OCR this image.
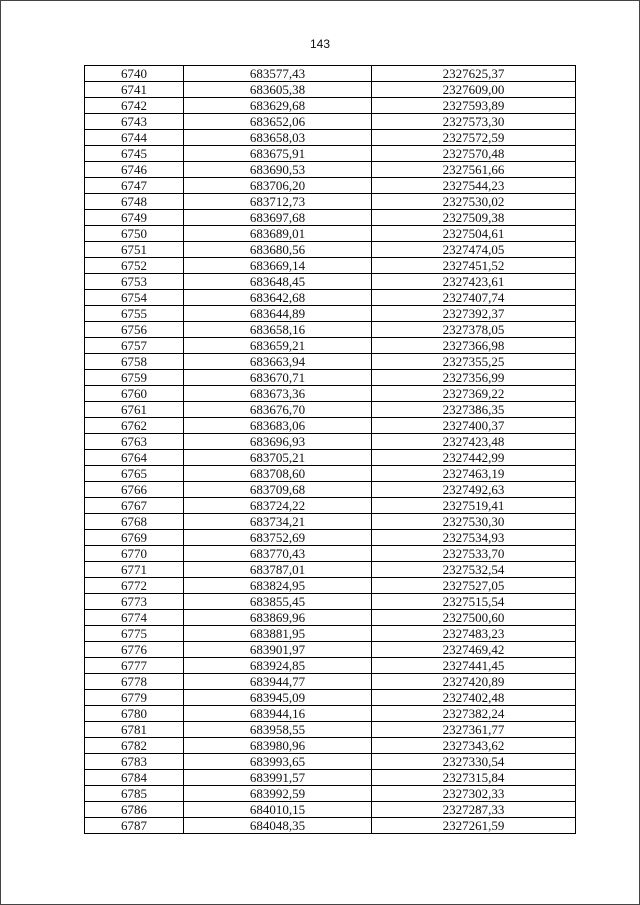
143
6740	683577,43	2327625,37
6741	683605,38	2327609,00
6742	683629,68	2327593,89
6743	683652,06	2327573,30
6744	683658,03	2327572,59
6745	683675,91	2327570,48
6746	683690,53	2327561,66
6747	683706,20	2327544,23
6748	683712,73	2327530,02
6749	683697,68	2327509,38
6750	683689,01	2327504,61
6751	683680,56	2327474,05
6752	683669,14	2327451,52
6753	683648,45	2327423,61
6754	683642,68	2327407,74
6755	683644,89	2327392,37
6756	683658,16	2327378,05
6757	683659,21	2327366,98
6758	683663,94	2327355,25
6759	683670,71	2327356,99
6760	683673,36	2327369,22
6761	683676,70	2327386,35
6762	683683,06	2327400,37
6763	683696,93	2327423,48
6764	683705,21	2327442,99
6765	683708,60	2327463,19
6766	683709,68	2327492,63
6767	683724,22	2327519,41
6768	683734,21	2327530,30
6769	683752,69	2327534,93
6770	683770,43	2327533,70
6771	683787,01	2327532,54
6772	683824,95	2327527,05
6773	683855,45	2327515,54
6774	683869,96	2327500,60
6775	683881,95	2327483,23
6776	683901,97	2327469,42
6777	683924,85	2327441,45
6778	683944,77	2327420,89
6779	683945,09	2327402,48
6780	683944,16	2327382,24
6781	683958,55	2327361,77
6782	683980,96	2327343,62
6783	683993,65	2327330,54
6784	683991,57	2327315,84
6785	683992,59	2327302,33
6786	684010,15	2327287,33
6787	684048,35	2327261,59
